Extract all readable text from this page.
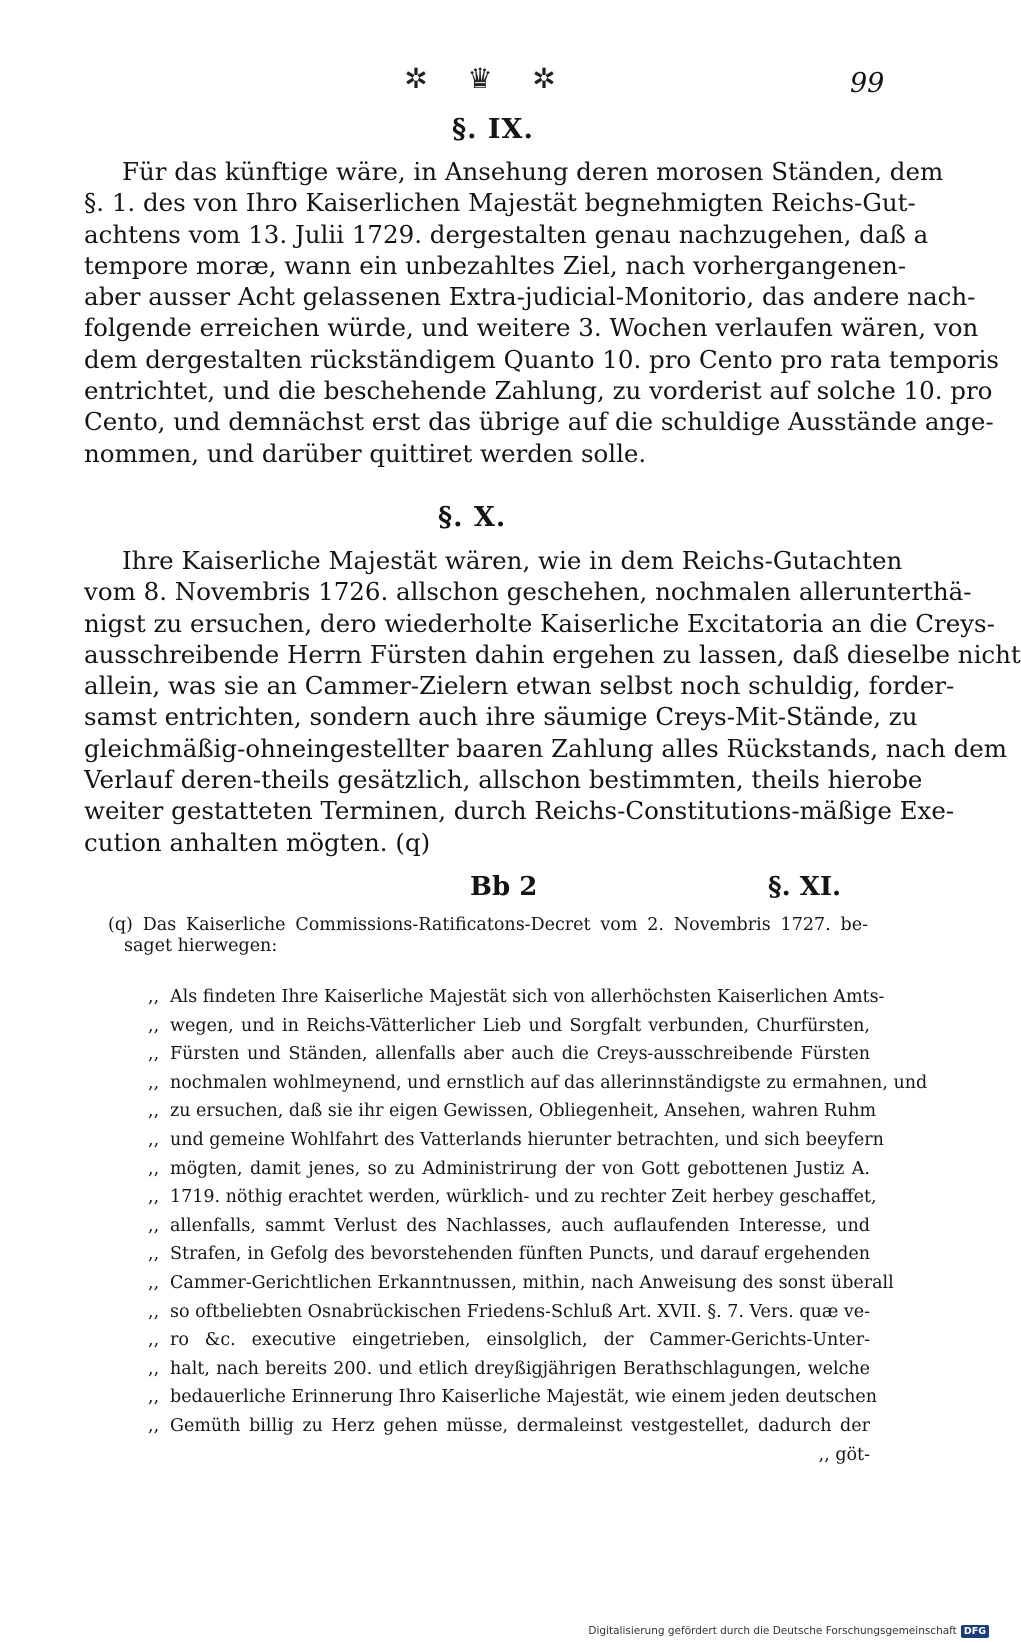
✲ ♛ ✲	99
§. IX.
Für das künftige wäre, in Ansehung deren morosen Ständen, dem
§. 1. des von Ihro Kaiserlichen Majestät begnehmigten Reichs-Gut-
achtens vom 13. Julii 1729. dergestalten genau nachzugehen, daß a
tempore moræ, wann ein unbezahltes Ziel, nach vorhergangenen-
aber ausser Acht gelassenen Extra-judicial-Monitorio, das andere nach-
folgende erreichen würde, und weitere 3. Wochen verlaufen wären, von
dem dergestalten rückständigem Quanto 10. pro Cento pro rata temporis
entrichtet, und die beschehende Zahlung, zu vorderist auf solche 10. pro
Cento, und demnächst erst das übrige auf die schuldige Ausstände ange-
nommen, und darüber quittiret werden solle.
§. X.
Ihre Kaiserliche Majestät wären, wie in dem Reichs-Gutachten
vom 8. Novembris 1726. allschon geschehen, nochmalen allerunterthä-
nigst zu ersuchen, dero wiederholte Kaiserliche Excitatoria an die Creys-
ausschreibende Herrn Fürsten dahin ergehen zu lassen, daß dieselbe nicht
allein, was sie an Cammer-Zielern etwan selbst noch schuldig, forder-
samst entrichten, sondern auch ihre säumige Creys-Mit-Stände, zu
gleichmäßig-ohneingestellter baaren Zahlung alles Rückstands, nach dem
Verlauf deren-theils gesätzlich, allschon bestimmten, theils hierobe
weiter gestatteten Terminen, durch Reichs-Constitutions-mäßige Exe-
cution anhalten mögten. (q)
Bb 2	§. XI.
(q) Das Kaiserliche Commissions-Ratificatons-Decret vom 2. Novembris 1727. be-
saget hierwegen:
,, Als findeten Ihre Kaiserliche Majestät sich von allerhöchsten Kaiserlichen Amts-
,, wegen, und in Reichs-Vätterlicher Lieb und Sorgfalt verbunden, Churfürsten,
,, Fürsten und Ständen, allenfalls aber auch die Creys-ausschreibende Fürsten
,, nochmalen wohlmeynend, und ernstlich auf das allerinnständigste zu ermahnen, und
,, zu ersuchen, daß sie ihr eigen Gewissen, Obliegenheit, Ansehen, wahren Ruhm
,, und gemeine Wohlfahrt des Vatterlands hierunter betrachten, und sich beeyfern
,, mögten, damit jenes, so zu Administrirung der von Gott gebottenen Justiz A.
,, 1719. nöthig erachtet werden, würklich- und zu rechter Zeit herbey geschaffet,
,, allenfalls, sammt Verlust des Nachlasses, auch auflaufenden Interesse, und
,, Strafen, in Gefolg des bevorstehenden fünften Puncts, und darauf ergehenden
,, Cammer-Gerichtlichen Erkanntnussen, mithin, nach Anweisung des sonst überall
,, so oftbeliebten Osnabrückischen Friedens-Schluß Art. XVII. §. 7. Vers. quæ ve-
,, ro &c. executive eingetrieben, einsolglich, der Cammer-Gerichts-Unter-
,, halt, nach bereits 200. und etlich dreyßigjährigen Berathschlagungen, welche
,, bedauerliche Erinnerung Ihro Kaiserliche Majestät, wie einem jeden deutschen
,, Gemüth billig zu Herz gehen müsse, dermaleinst vestgestellet, dadurch der
,, göt-
Digitalisierung gefördert durch die Deutsche Forschungsgemeinschaft DFG
